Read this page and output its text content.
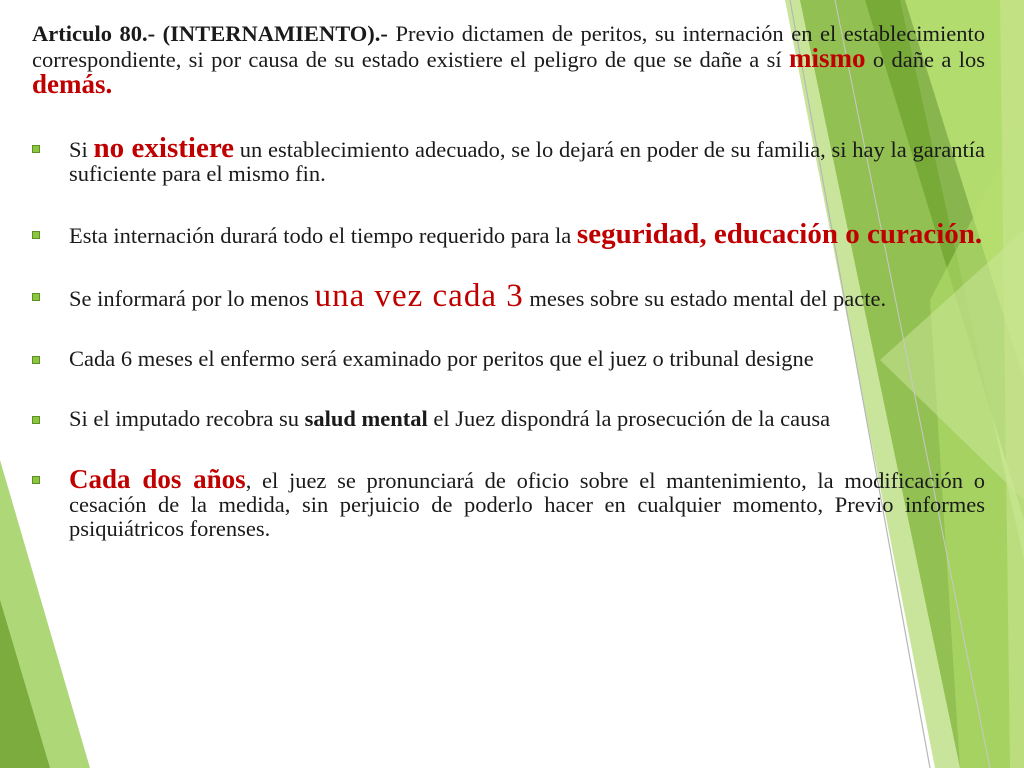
Articulo 80.- (INTERNAMIENTO).- Previo dictamen de peritos, su internación en el establecimiento correspondiente, si por causa de su estado existiere el peligro de que se dañe a sí mismo o dañe a los demás.

Si no existiere un establecimiento adecuado, se lo dejará en poder de su familia, si hay la garantía suficiente para el mismo fin.
Esta internación durará todo el tiempo requerido para la seguridad, educación o curación.
Se informará por lo menos una vez cada 3 meses sobre su estado mental del pacte.
Cada 6 meses el enfermo será examinado por peritos que el juez o tribunal designe
Si el imputado recobra su salud mental el Juez dispondrá la prosecución de la causa
Cada dos años, el juez se pronunciará de oficio sobre el mantenimiento, la modificación o cesación de la medida, sin perjuicio de poderlo hacer en cualquier momento, Previo informes psiquiátricos forenses.
